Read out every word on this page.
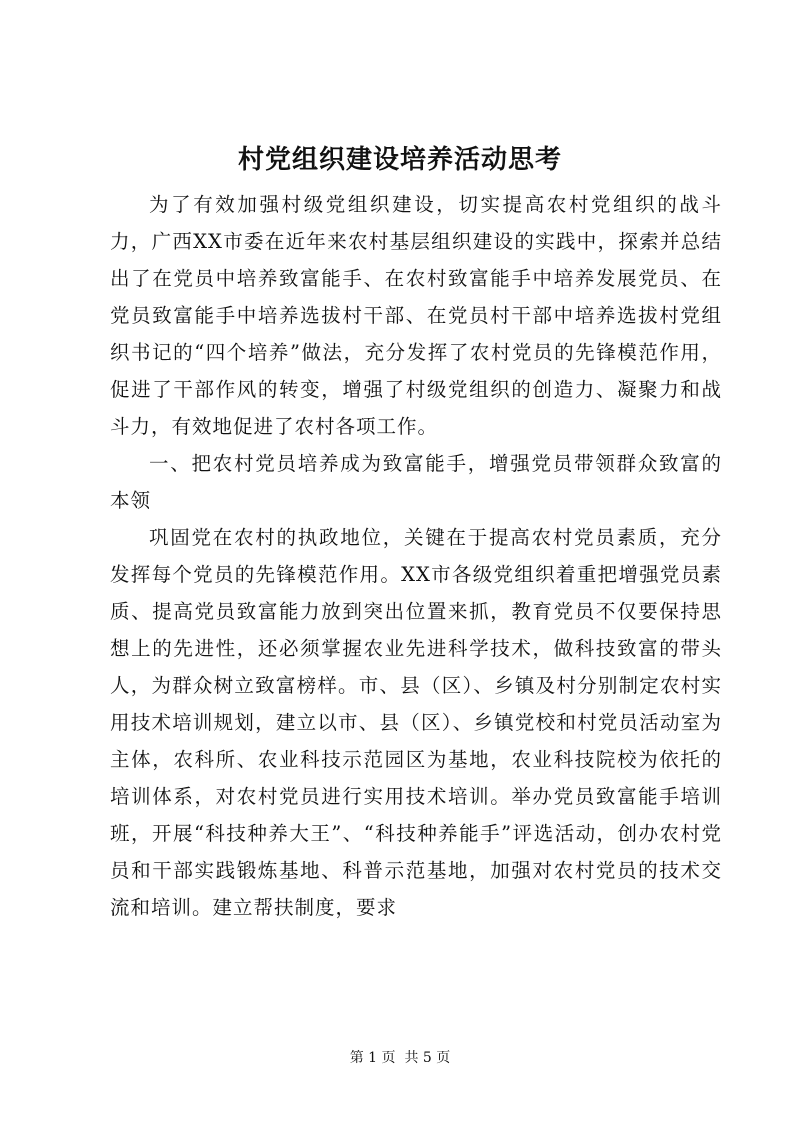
村党组织建设培养活动思考

为了有效加强村级党组织建设，切实提高农村党组织的战斗力，广西XX市委在近年来农村基层组织建设的实践中，探索并总结出了在党员中培养致富能手、在农村致富能手中培养发展党员、在党员致富能手中培养选拔村干部、在党员村干部中培养选拔村党组织书记的“四个培养”做法，充分发挥了农村党员的先锋模范作用，促进了干部作风的转变，增强了村级党组织的创造力、凝聚力和战斗力，有效地促进了农村各项工作。

一、把农村党员培养成为致富能手，增强党员带领群众致富的本领

巩固党在农村的执政地位，关键在于提高农村党员素质，充分发挥每个党员的先锋模范作用。XX市各级党组织着重把增强党员素质、提高党员致富能力放到突出位置来抓，教育党员不仅要保持思想上的先进性，还必须掌握农业先进科学技术，做科技致富的带头人，为群众树立致富榜样。市、县（区）、乡镇及村分别制定农村实用技术培训规划，建立以市、县（区）、乡镇党校和村党员活动室为主体，农科所、农业科技示范园区为基地，农业科技院校为依托的培训体系，对农村党员进行实用技术培训。举办党员致富能手培训班，开展“科技种养大王”、“科技种养能手”评选活动，创办农村党员和干部实践锻炼基地、科普示范基地，加强对农村党员的技术交流和培训。建立帮扶制度，要求

第 1 页  共 5 页
